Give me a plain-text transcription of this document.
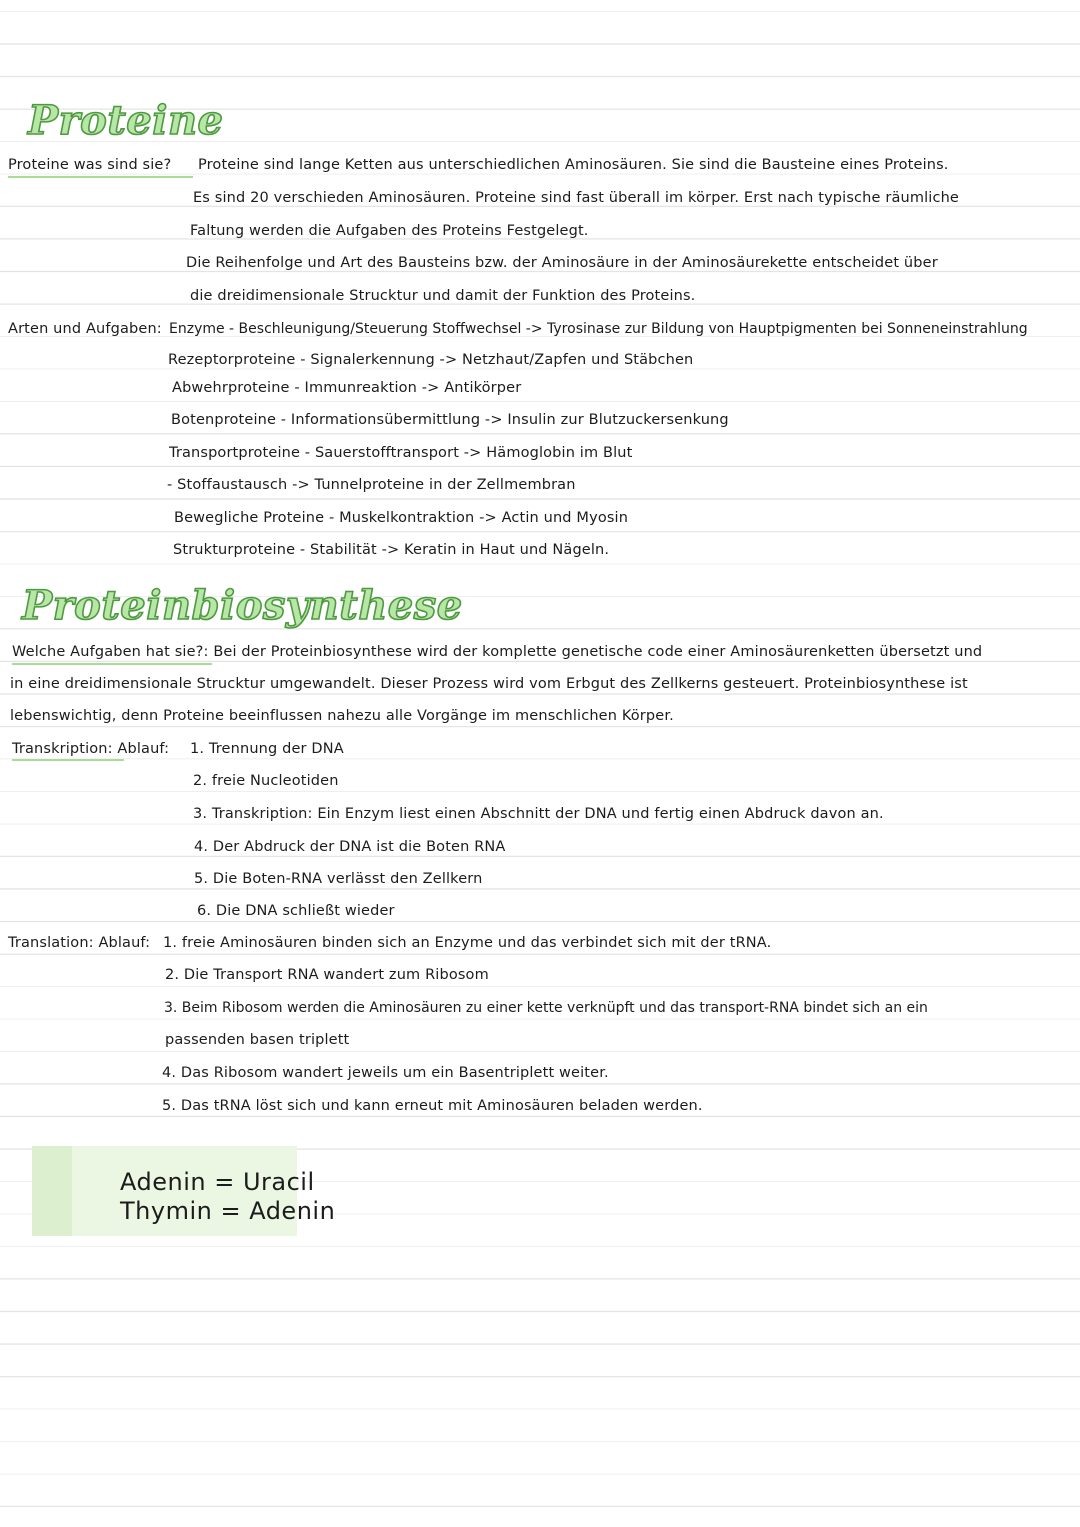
Proteine
Proteine was sind sie? Proteine sind lange Ketten aus unterschiedlichen Aminosäuren. Sie sind die Bausteine eines Proteins.
Es sind 20 verschieden Aminosäuren. Proteine sind fast überall im körper. Erst nach typische räumliche
Faltung werden die Aufgaben des Proteins Festgelegt.
Die Reihenfolge und Art des Bausteins bzw. der Aminosäure in der Aminosäurekette entscheidet über
die dreidimensionale Strucktur und damit der Funktion des Proteins.
Arten und Aufgaben: Enzyme - Beschleunigung/Steuerung Stoffwechsel -> Tyrosinase zur Bildung von Hauptpigmenten bei Sonneneinstrahlung
Rezeptorproteine - Signalerkennung -> Netzhaut/Zapfen und Stäbchen
Abwehrproteine - Immunreaktion -> Antikörper
Botenproteine - Informationsübermittlung -> Insulin zur Blutzuckersenkung
Transportproteine - Sauerstofftransport -> Hämoglobin im Blut
- Stoffaustausch -> Tunnelproteine in der Zellmembran
Bewegliche Proteine - Muskelkontraktion -> Actin und Myosin
Strukturproteine - Stabilität -> Keratin in Haut und Nägeln.
Proteinbiosynthese
Welche Aufgaben hat sie?: Bei der Proteinbiosynthese wird der komplette genetische code einer Aminosäurenketten übersetzt und
in eine dreidimensionale Strucktur umgewandelt. Dieser Prozess wird vom Erbgut des Zellkerns gesteuert. Proteinbiosynthese ist
lebenswichtig, denn Proteine beeinflussen nahezu alle Vorgänge im menschlichen Körper.
Transkription: Ablauf: 1. Trennung der DNA
2. freie Nucleotiden
3. Transkription: Ein Enzym liest einen Abschnitt der DNA und fertig einen Abdruck davon an.
4. Der Abdruck der DNA ist die Boten RNA
5. Die Boten-RNA verlässt den Zellkern
6. Die DNA schließt wieder
Translation: Ablauf: 1. freie Aminosäuren binden sich an Enzyme und das verbindet sich mit der tRNA.
2. Die Transport RNA wandert zum Ribosom
3. Beim Ribosom werden die Aminosäuren zu einer kette verknüpft und das transport-RNA bindet sich an ein
passenden basen triplett
4. Das Ribosom wandert jeweils um ein Basentriplett weiter.
5. Das tRNA löst sich und kann erneut mit Aminosäuren beladen werden.
Adenin = Uracil
Thymin = Adenin
